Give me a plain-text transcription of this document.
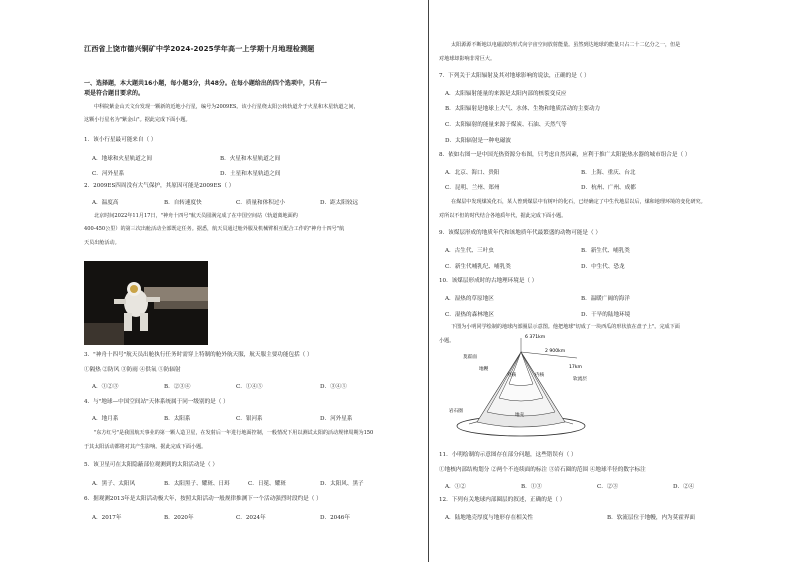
江西省上饶市德兴铜矿中学2024-2025学年高一上学期十月地理检测题
一、选择题，本大题共16小题，每小题3分，共48分。在每小题给出的四个选项中，只有一
项是符合题目要求的。
中科院紫金山天文台发现一颗新的近地小行星，编号为2009ES。该小行星绕太阳公转轨道介于火星和木星轨道之间，
这颗小行星名为"紫金山"。据此完成下面小题。
1．该小行星最可能来自（ ）
A．地球和火星轨道之间	B．火星和木星轨道之间
C．河外星系	D．土星和木星轨道之间
2．2009ES四周没有大气保护，其原因可能是2009ES（ ）
A．温度高	B．自转速度快	C．质量和体积过小	D．距太阳较远
北京时间2022年11月17日，"神舟十四号"航天员圆满完成了在中国空间站（轨道离地面约
400-450公里）的第三次出舱活动全部既定任务。据悉，航天员通过舱外服及机械臂相互配合工作的"神舟十四号"航
天员出舱活动。
3．"神舟十四号"航天员出舱执行任务时需穿上特制的舱外航天服，航天服主要功能包括（ ）
①隔热 ②防风 ③防雨 ④供氧 ⑤防辐射
A．①②③	B．②③④	C．①④⑤	D．③④⑤
4．与"地球—中国空间站"天体系统属于同一级别的是（ ）
A．地月系	B．太阳系	C．银河系	D．河外星系
"东方红号"是我国航天事业的第一颗人造卫星，在发射后一年进行地面控制，一般情况下用以测试太阳的活动规律周期为150
于其太阳活动都将对其产生影响。据此完成下面小题。
5．该卫星可在太阳隐蔽部位观测到的太阳活动是（ ）
A．黑子、太阳风	B．太阳黑子、耀斑、日珥	C．日冕、耀斑	D．太阳风、黑子
6．据观测2013年是太阳活动极大年，按照太阳活动一般规律推测下一个活动强烈时段约是（ ）
A．2017年	B．2020年	C．2024年	D．2046年
太阳源源不断地以电磁波的形式向宇宙空间放射能量。虽然到达地球的能量只占二十二亿分之一，但是
对地球却影响非常巨大。
7．下列关于太阳辐射及其对地球影响的说法，正确的是（ ）
A．太阳辐射能量的来源是太阳内部的核裂变反应
B．太阳辐射是地球上大气、水体、生物和地质活动的主要动力
C．太阳辐射的能量来源于煤炭、石油、天然气等
D．太阳辐射是一种电磁波
8．依如右图一是中国光热资源分布图，只考虑自然因素，应利于推广太阳能热水器的城市组合是（ ）
A．北京、海口、贵阳	B．上海、重庆、台北
C．昆明、兰州、郑州	D．杭州、广州、成都
在煤层中发现煤炭化石，某人曾到煤层中有树叶的化石，已经确定了中生代地层以后，煤和地理环境的变化研究。
对所以不但的时代结合各地质年代，据此完成下面小题。
9．该煤层形成的地质年代和该地质年代最繁盛的动物可能是（ ）
A．古生代、三叶虫	B．新生代、哺乳类
C．新生代哺乳纪、哺乳类	D．中生代、恐龙
10．该煤层形成时的古地理环境是（ ）
A．湿热的草原地区	B．温暖广阔的海洋
C．湿热的森林地区	D．干旱的陆地环境
下图为小明同学绘制的地球内部圈层示意图。他把地球"切成了一块西瓜的形状放在盘子上"。完成下面
小题。
6 371km
2 900km
17km
莫霍面
地幔
外核	内核
地壳
岩石圈
软流层
11．小明绘制的示意图存在部分问题，这些错误有（ ）
①地核内部结构划分 ②两个不连续面的标注 ③岩石圈的范围 ④地球半径的数字标注
A．①②	B．①③	C．②③	D．②④
12．下列有关地球内部圈层的叙述，正确的是（ ）
A．陆地地壳厚度与地形存在相关性	B．软流层位于地幔，内为莫霍界面
